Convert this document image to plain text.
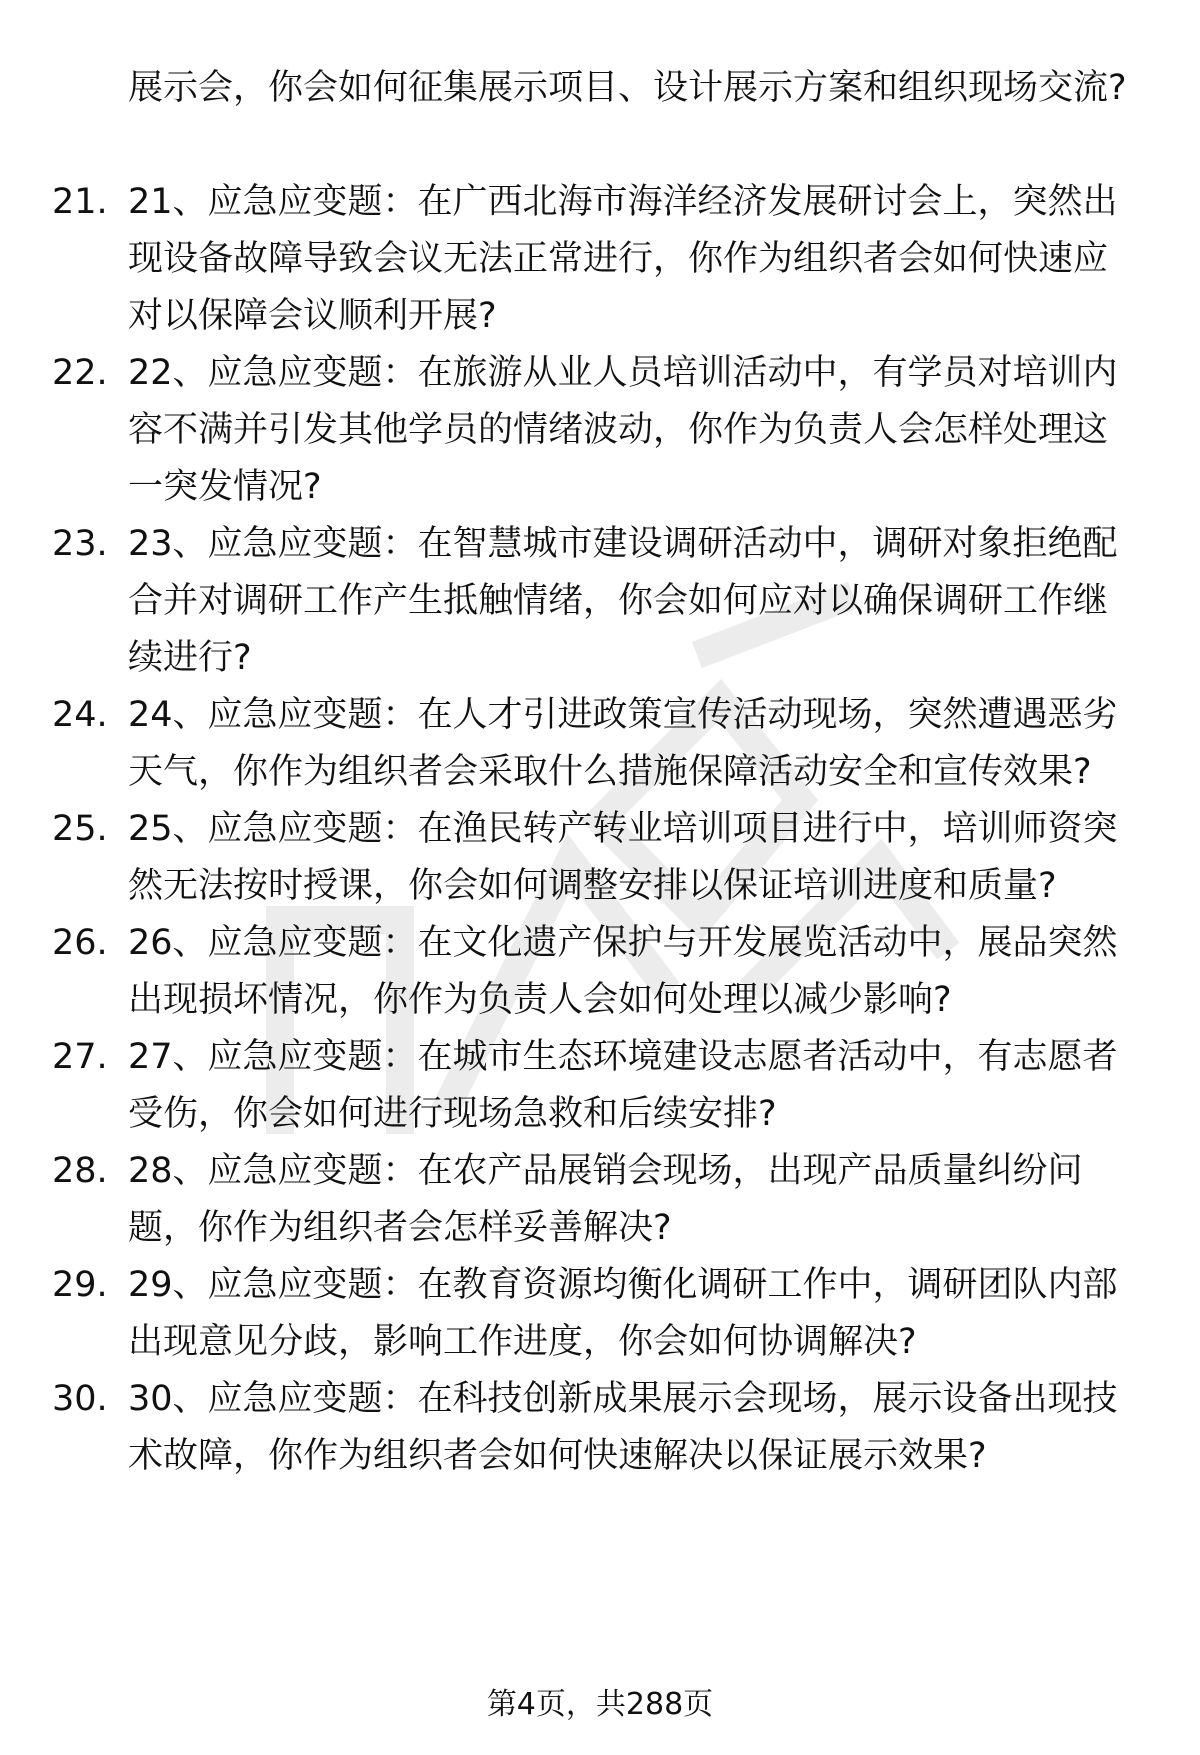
展示会，你会如何征集展示项目、设计展示方案和组织现场交流?
21. 21、应急应变题：在广西北海市海洋经济发展研讨会上，突然出现设备故障导致会议无法正常进行，你作为组织者会如何快速应对以保障会议顺利开展?
22. 22、应急应变题：在旅游从业人员培训活动中，有学员对培训内容不满并引发其他学员的情绪波动，你作为负责人会怎样处理这一突发情况?
23. 23、应急应变题：在智慧城市建设调研活动中，调研对象拒绝配合并对调研工作产生抵触情绪，你会如何应对以确保调研工作继续进行?
24. 24、应急应变题：在人才引进政策宣传活动现场，突然遭遇恶劣天气，你作为组织者会采取什么措施保障活动安全和宣传效果?
25. 25、应急应变题：在渔民转产转业培训项目进行中，培训师资突然无法按时授课，你会如何调整安排以保证培训进度和质量?
26. 26、应急应变题：在文化遗产保护与开发展览活动中，展品突然出现损坏情况，你作为负责人会如何处理以减少影响?
27. 27、应急应变题：在城市生态环境建设志愿者活动中，有志愿者受伤，你会如何进行现场急救和后续安排?
28. 28、应急应变题：在农产品展销会现场，出现产品质量纠纷问题，你作为组织者会怎样妥善解决?
29. 29、应急应变题：在教育资源均衡化调研工作中，调研团队内部出现意见分歧，影响工作进度，你会如何协调解决?
30. 30、应急应变题：在科技创新成果展示会现场，展示设备出现技术故障，你作为组织者会如何快速解决以保证展示效果?
第4页，共288页
